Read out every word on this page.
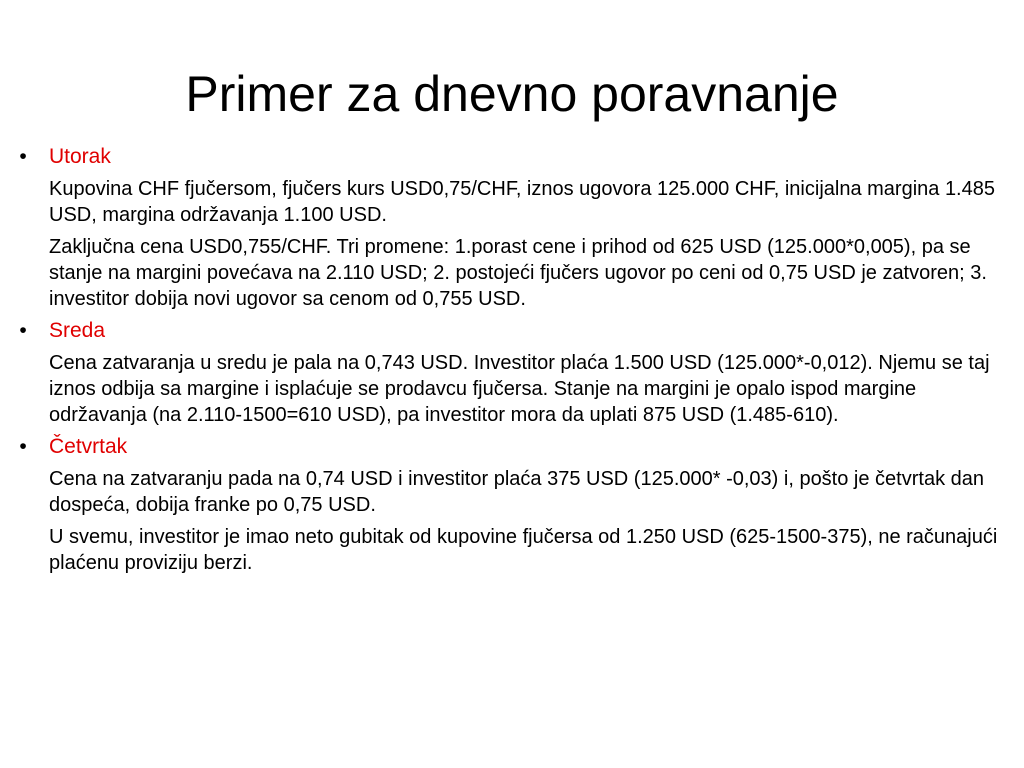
Primer za dnevno poravnanje
• Utorak
Kupovina CHF fjučersom, fjučers kurs USD0,75/CHF, iznos ugovora 125.000 CHF, inicijalna margina 1.485 USD, margina održavanja 1.100 USD.
Zaključna cena USD0,755/CHF. Tri promene: 1.porast cene i prihod od 625 USD (125.000*0,005), pa se stanje na margini povećava na 2.110 USD; 2. postojeći fjučers ugovor po ceni od 0,75 USD je zatvoren; 3. investitor dobija novi ugovor sa cenom od 0,755 USD.
• Sreda
Cena zatvaranja u sredu je pala na 0,743 USD. Investitor plaća 1.500 USD (125.000*-0,012). Njemu se taj iznos odbija sa margine i isplaćuje se prodavcu fjučersa. Stanje na margini je opalo ispod margine održavanja (na 2.110-1500=610 USD), pa investitor mora da uplati 875 USD (1.485-610).
• Četvrtak
Cena na zatvaranju pada na 0,74 USD i investitor plaća 375 USD (125.000* -0,03) i, pošto je četvrtak dan dospeća, dobija franke po 0,75 USD.
U svemu, investitor je imao neto gubitak od kupovine fjučersa od 1.250 USD (625-1500-375), ne računajući plaćenu proviziju berzi.
